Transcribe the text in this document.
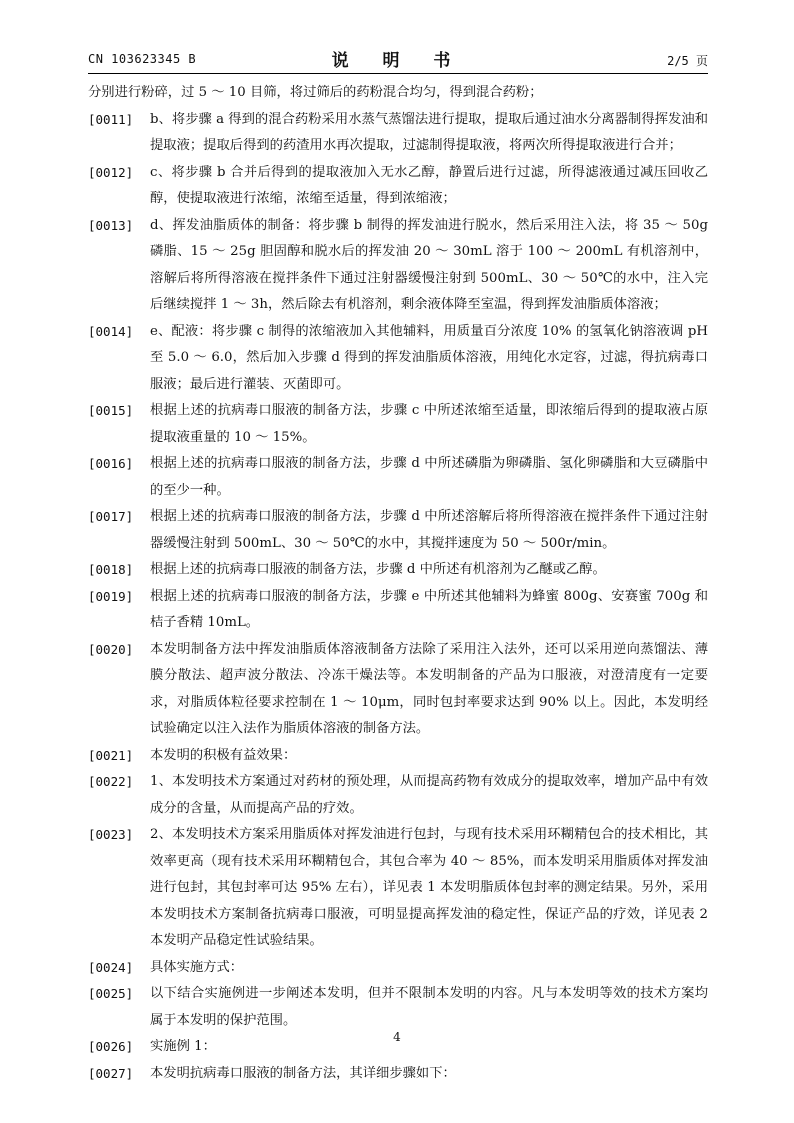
CN 103623345 B	说 明 书	2/5 页

分别进行粉碎，过 5 ～ 10 目筛，将过筛后的药粉混合均匀，得到混合药粉；

[0011]	b、将步骤 a 得到的混合药粉采用水蒸气蒸馏法进行提取，提取后通过油水分离器制得挥发油和提取液；提取后得到的药渣用水再次提取，过滤制得提取液，将两次所得提取液进行合并；

[0012]	c、将步骤 b 合并后得到的提取液加入无水乙醇，静置后进行过滤，所得滤液通过减压回收乙醇，使提取液进行浓缩，浓缩至适量，得到浓缩液；

[0013]	d、挥发油脂质体的制备：将步骤 b 制得的挥发油进行脱水，然后采用注入法，将 35 ～ 50g 磷脂、15 ～ 25g 胆固醇和脱水后的挥发油 20 ～ 30mL 溶于 100 ～ 200mL 有机溶剂中，溶解后将所得溶液在搅拌条件下通过注射器缓慢注射到 500mL、30 ～ 50℃的水中，注入完后继续搅拌 1 ～ 3h，然后除去有机溶剂，剩余液体降至室温，得到挥发油脂质体溶液；

[0014]	e、配液：将步骤 c 制得的浓缩液加入其他辅料，用质量百分浓度 10% 的氢氧化钠溶液调 pH 至 5.0 ～ 6.0，然后加入步骤 d 得到的挥发油脂质体溶液，用纯化水定容，过滤，得抗病毒口服液；最后进行灌装、灭菌即可。

[0015]	根据上述的抗病毒口服液的制备方法，步骤 c 中所述浓缩至适量，即浓缩后得到的提取液占原提取液重量的 10 ～ 15%。

[0016]	根据上述的抗病毒口服液的制备方法，步骤 d 中所述磷脂为卵磷脂、氢化卵磷脂和大豆磷脂中的至少一种。

[0017]	根据上述的抗病毒口服液的制备方法，步骤 d 中所述溶解后将所得溶液在搅拌条件下通过注射器缓慢注射到 500mL、30 ～ 50℃的水中，其搅拌速度为 50 ～ 500r/min。

[0018]	根据上述的抗病毒口服液的制备方法，步骤 d 中所述有机溶剂为乙醚或乙醇。

[0019]	根据上述的抗病毒口服液的制备方法，步骤 e 中所述其他辅料为蜂蜜 800g、安赛蜜 700g 和桔子香精 10mL。

[0020]	本发明制备方法中挥发油脂质体溶液制备方法除了采用注入法外，还可以采用逆向蒸馏法、薄膜分散法、超声波分散法、冷冻干燥法等。本发明制备的产品为口服液，对澄清度有一定要求，对脂质体粒径要求控制在 1 ～ 10μm，同时包封率要求达到 90% 以上。因此，本发明经试验确定以注入法作为脂质体溶液的制备方法。

[0021]	本发明的积极有益效果：

[0022]	1、本发明技术方案通过对药材的预处理，从而提高药物有效成分的提取效率，增加产品中有效成分的含量，从而提高产品的疗效。

[0023]	2、本发明技术方案采用脂质体对挥发油进行包封，与现有技术采用环糊精包合的技术相比，其效率更高（现有技术采用环糊精包合，其包合率为 40 ～ 85%，而本发明采用脂质体对挥发油进行包封，其包封率可达 95% 左右），详见表 1 本发明脂质体包封率的测定结果。另外，采用本发明技术方案制备抗病毒口服液，可明显提高挥发油的稳定性，保证产品的疗效，详见表 2 本发明产品稳定性试验结果。

[0024]	具体实施方式：

[0025]	以下结合实施例进一步阐述本发明，但并不限制本发明的内容。凡与本发明等效的技术方案均属于本发明的保护范围。

[0026]	实施例 1：

[0027]	本发明抗病毒口服液的制备方法，其详细步骤如下：

4
